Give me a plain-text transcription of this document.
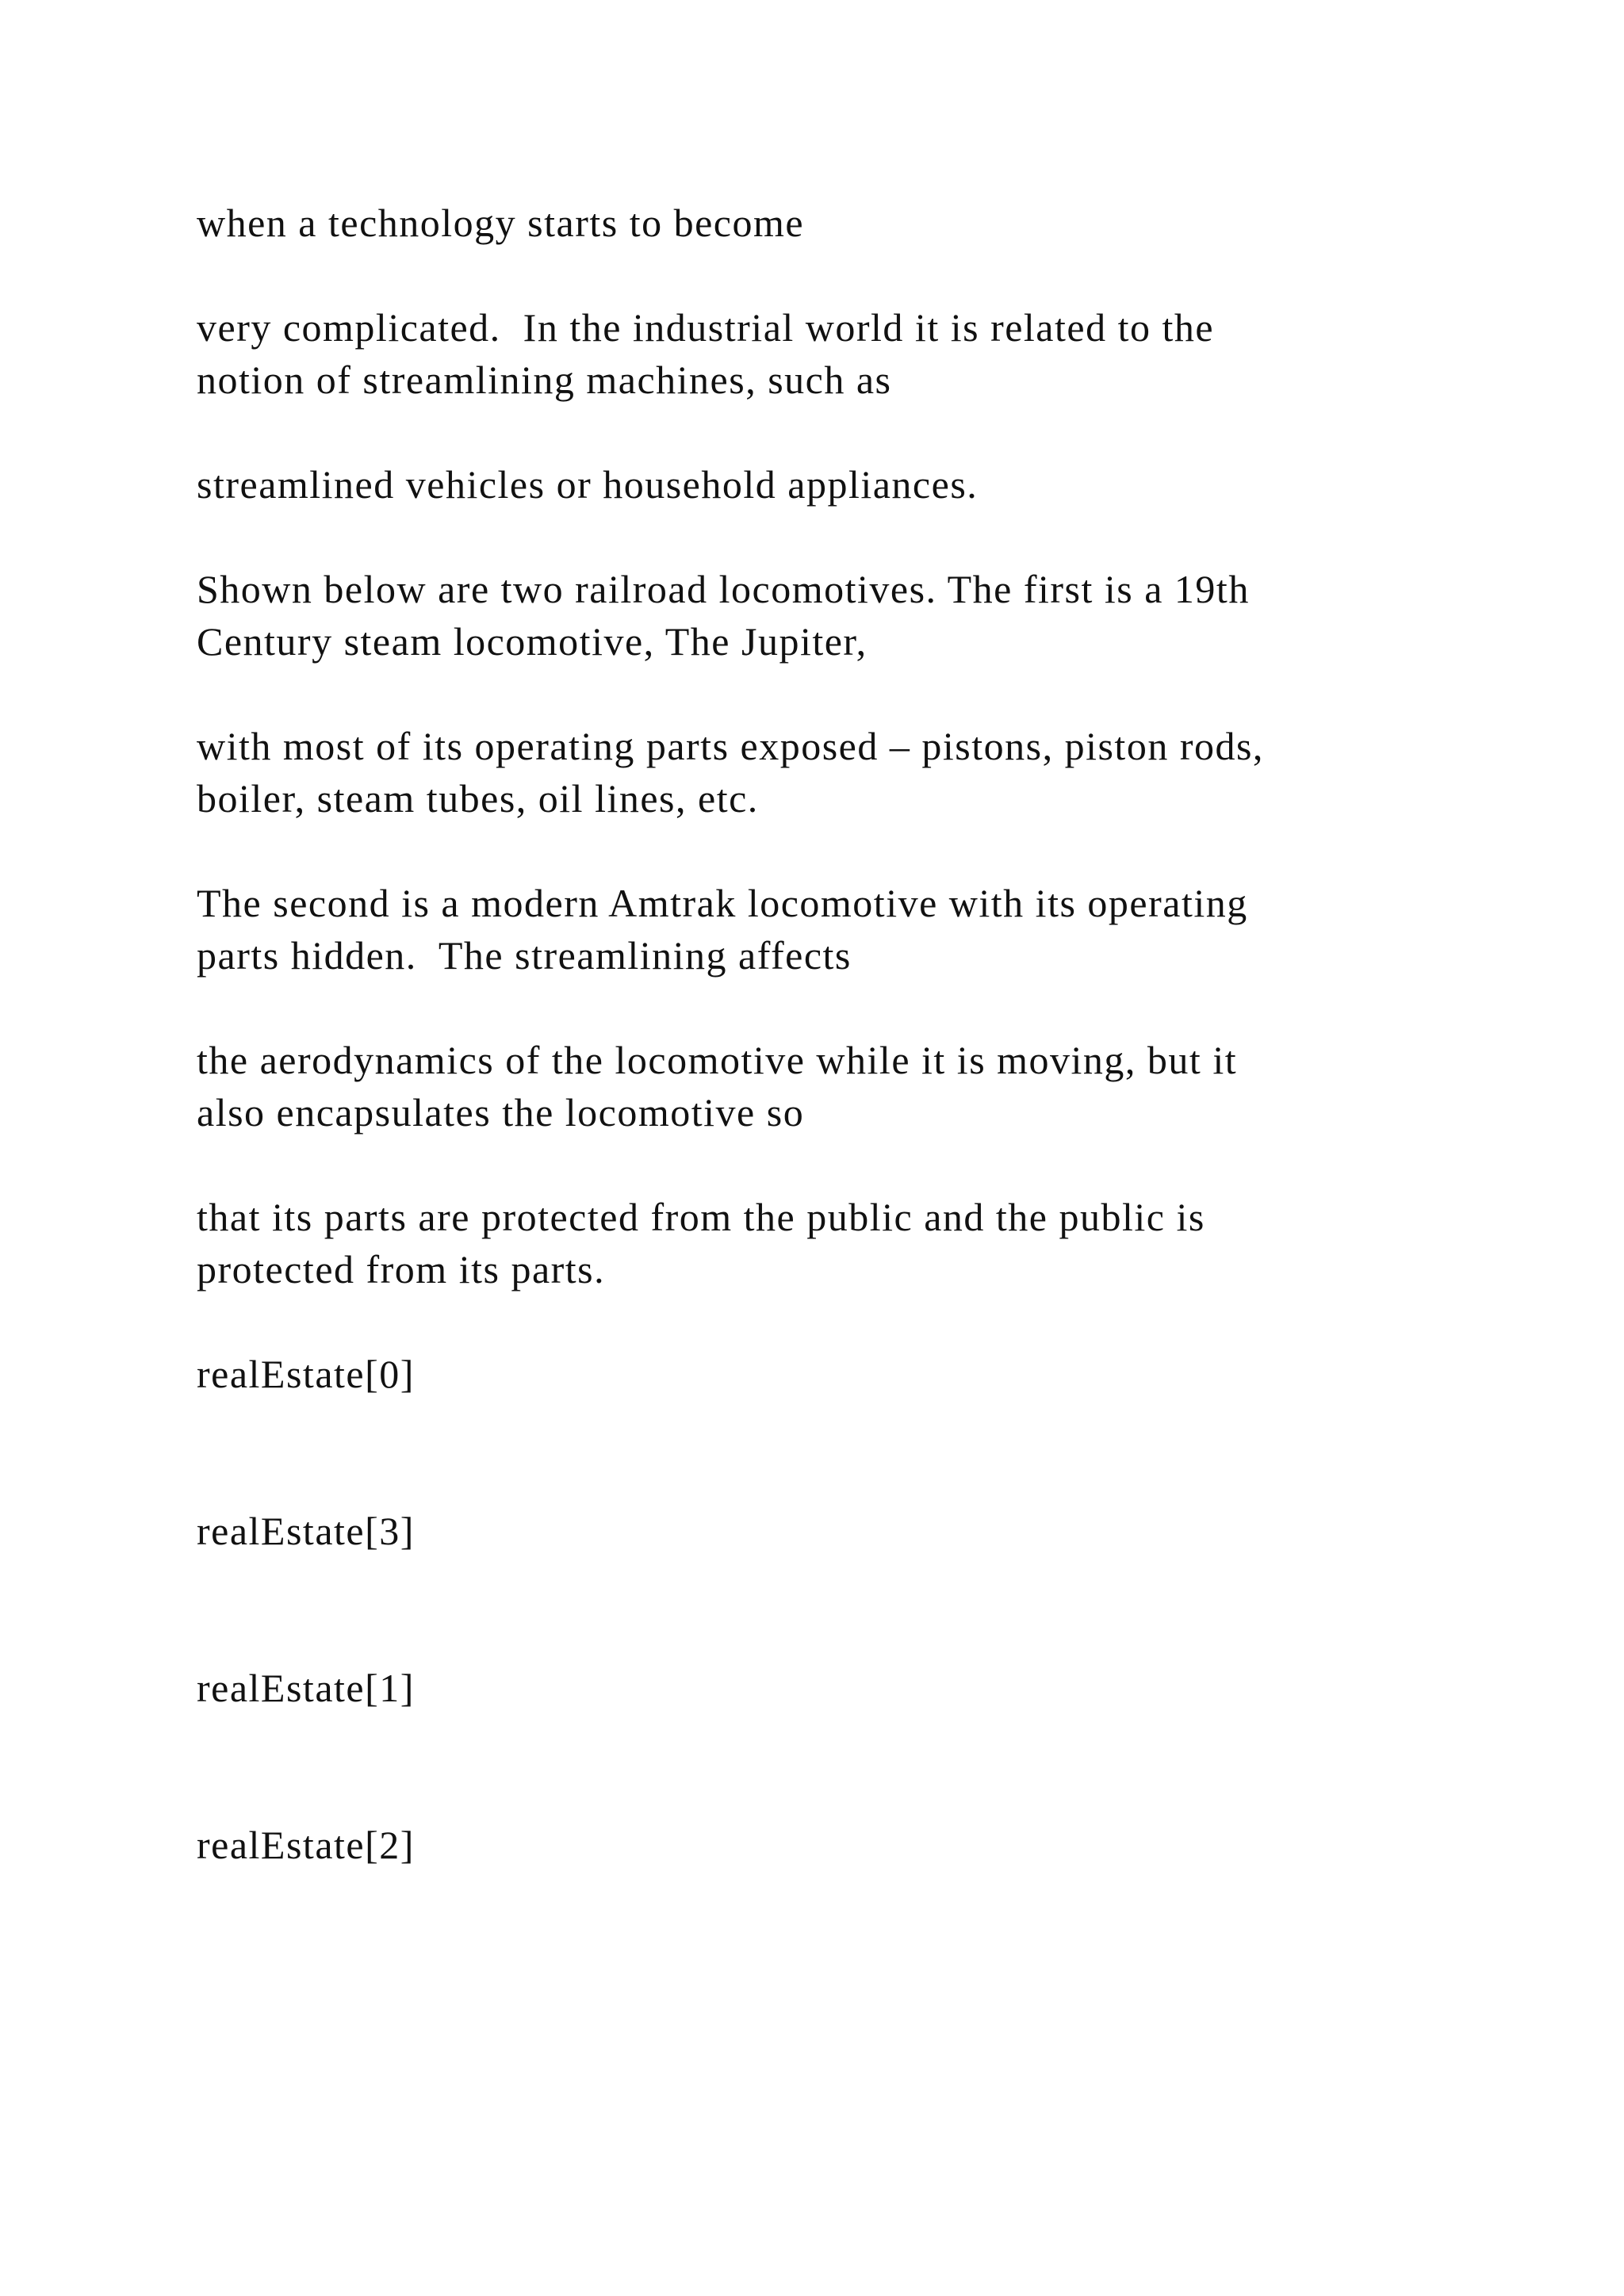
when a technology starts to become

very complicated.  In the industrial world it is related to the
notion of streamlining machines, such as

streamlined vehicles or household appliances.

Shown below are two railroad locomotives. The first is a 19th
Century steam locomotive, The Jupiter,

with most of its operating parts exposed – pistons, piston rods,
boiler, steam tubes, oil lines, etc.

The second is a modern Amtrak locomotive with its operating
parts hidden.  The streamlining affects

the aerodynamics of the locomotive while it is moving, but it
also encapsulates the locomotive so

that its parts are protected from the public and the public is
protected from its parts.

realEstate[0]

realEstate[3]

realEstate[1]

realEstate[2]
